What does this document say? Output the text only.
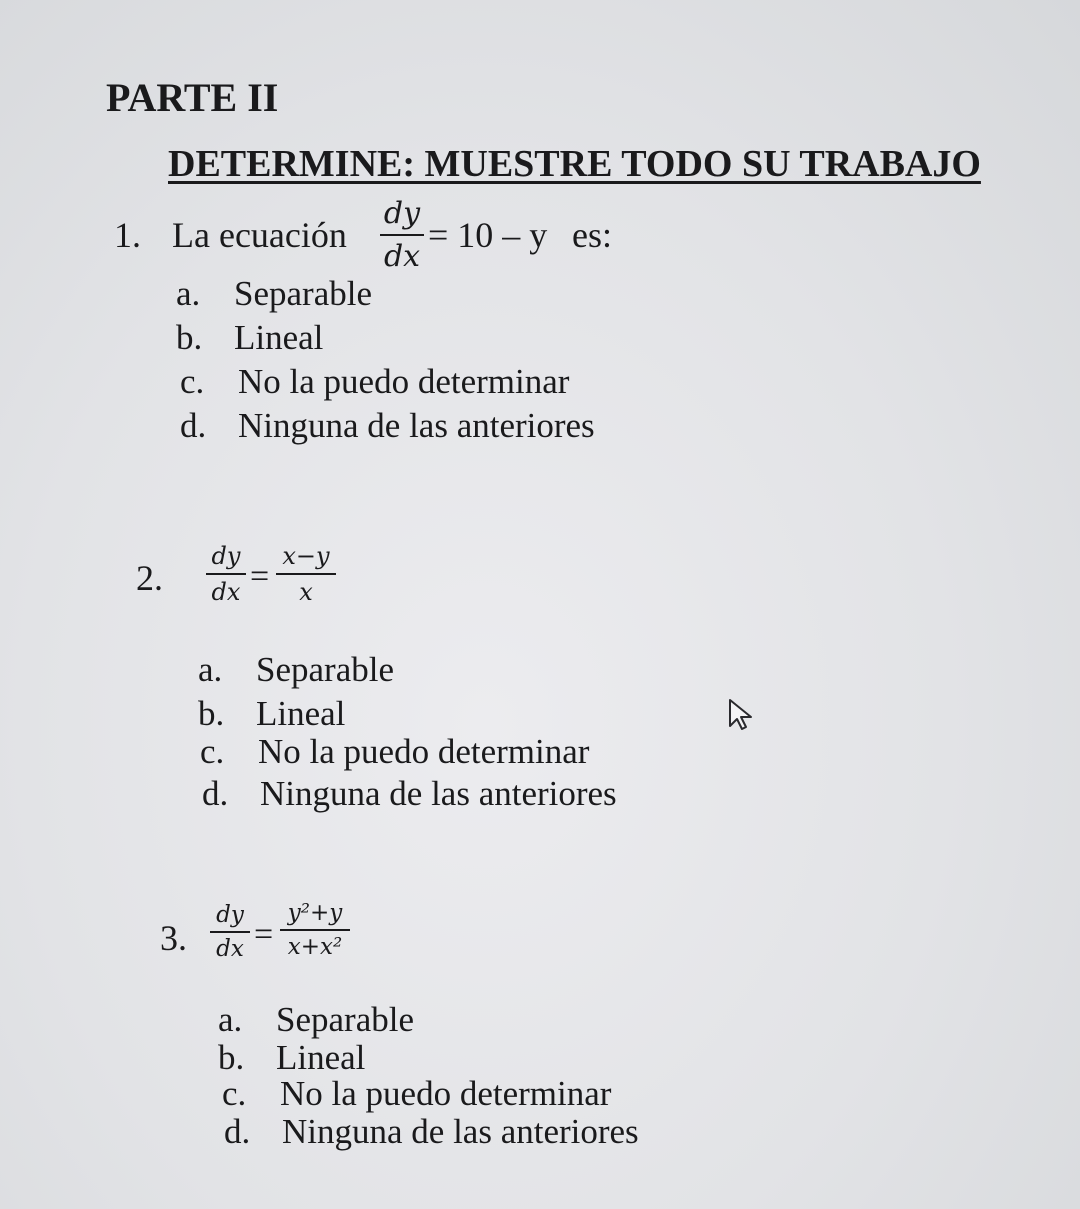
PARTE II
DETERMINE: MUESTRE TODO SU TRABAJO
1. La ecuación
dy
dx
= 10 – y es:
a. Separable
b. Lineal
c. No la puedo determinar
d. Ninguna de las anteriores
2.
dy
dx =
x−y
x
a. Separable
b. Lineal
c. No la puedo determinar
d. Ninguna de las anteriores
3.
dy
dx =
y²+y
x+x²
a. Separable
b. Lineal
c. No la puedo determinar
d. Ninguna de las anteriores
